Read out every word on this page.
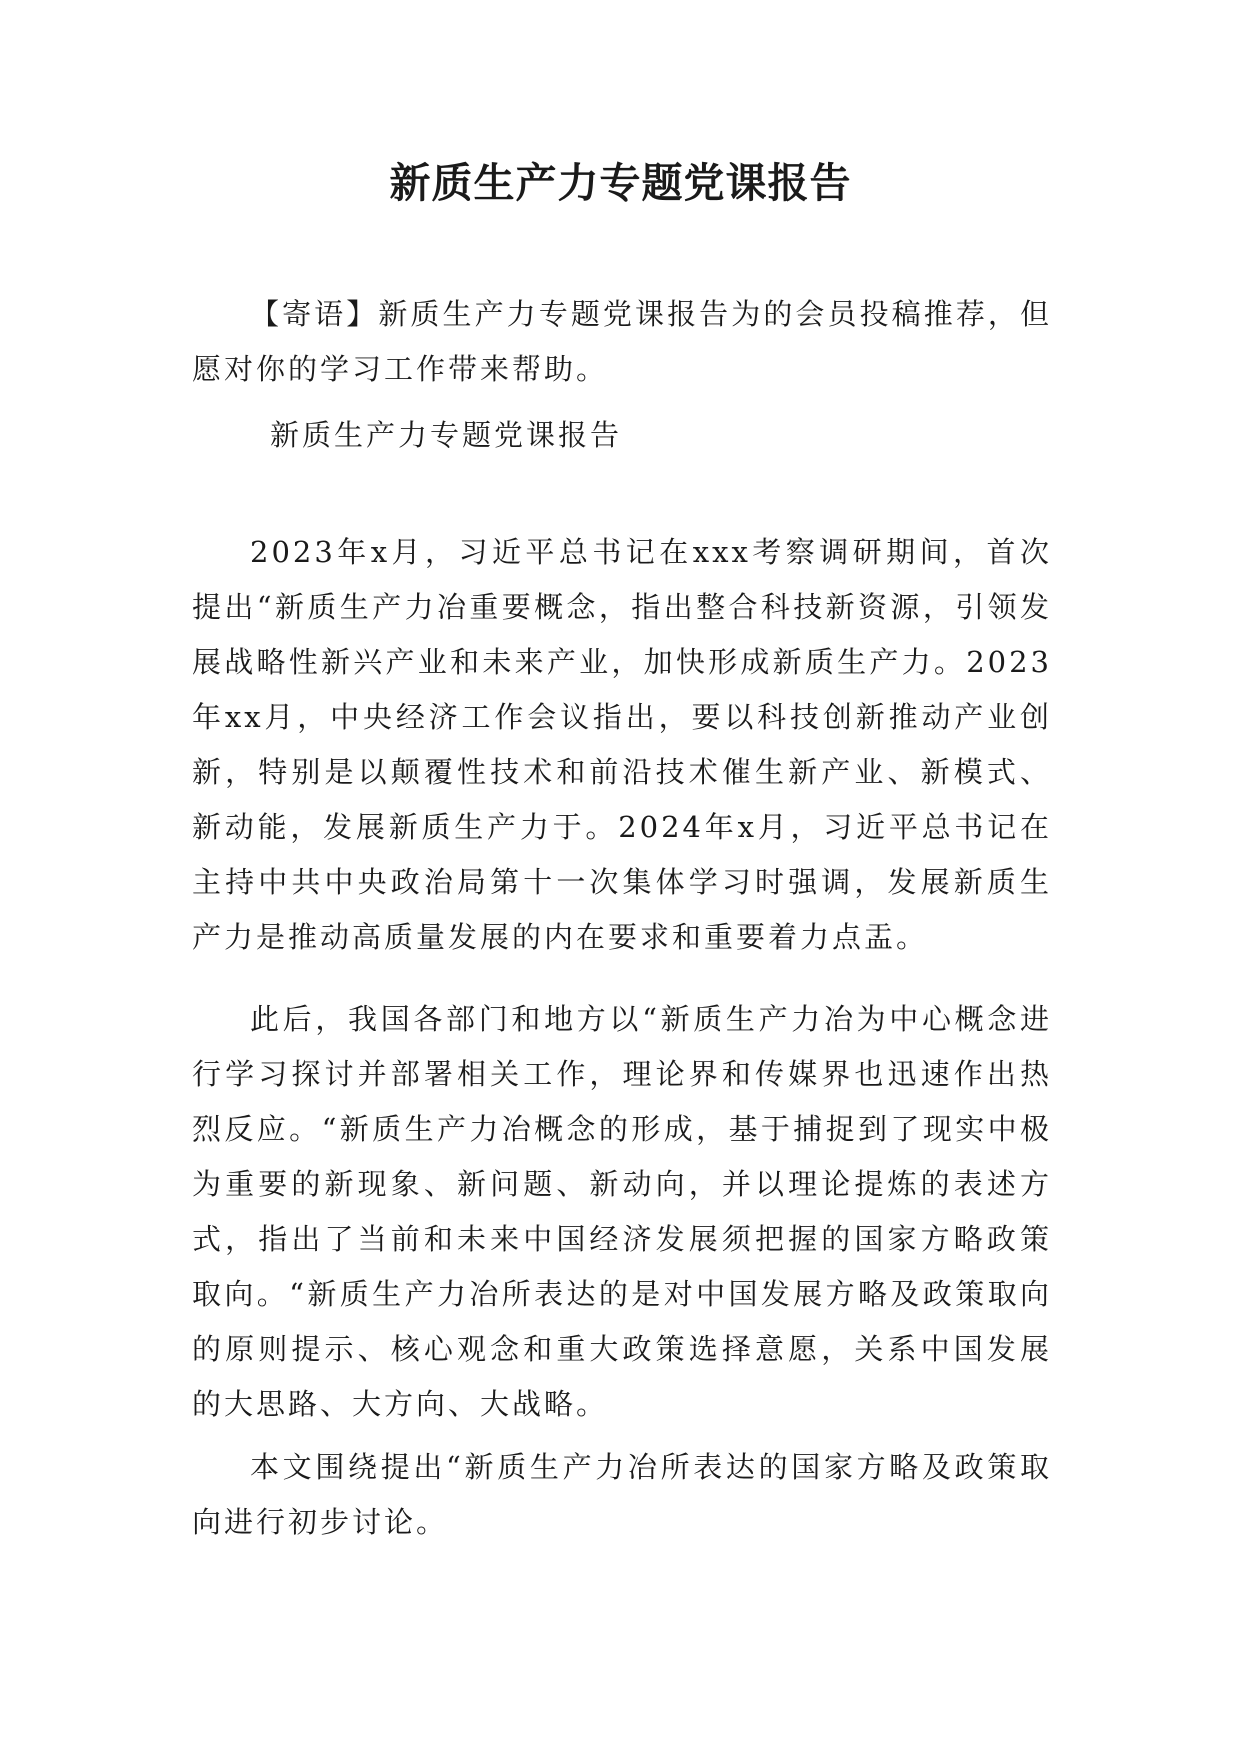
新质生产力专题党课报告

【寄语】新质生产力专题党课报告为的会员投稿推荐，但愿对你的学习工作带来帮助。

新质生产力专题党课报告

2023年x月，习近平总书记在xxx考察调研期间，首次提出“新质生产力冶重要概念，指出整合科技新资源，引领发展战略性新兴产业和未来产业，加快形成新质生产力。2023年xx月，中央经济工作会议指出，要以科技创新推动产业创新，特别是以颠覆性技术和前沿技术催生新产业、新模式、新动能，发展新质生产力于。2024年x月，习近平总书记在主持中共中央政治局第十一次集体学习时强调，发展新质生产力是推动高质量发展的内在要求和重要着力点盂。

此后，我国各部门和地方以“新质生产力冶为中心概念进行学习探讨并部署相关工作，理论界和传媒界也迅速作出热烈反应。“新质生产力冶概念的形成，基于捕捉到了现实中极为重要的新现象、新问题、新动向，并以理论提炼的表述方式，指出了当前和未来中国经济发展须把握的国家方略政策取向。“新质生产力冶所表达的是对中国发展方略及政策取向的原则提示、核心观念和重大政策选择意愿，关系中国发展的大思路、大方向、大战略。

本文围绕提出“新质生产力冶所表达的国家方略及政策取向进行初步讨论。
